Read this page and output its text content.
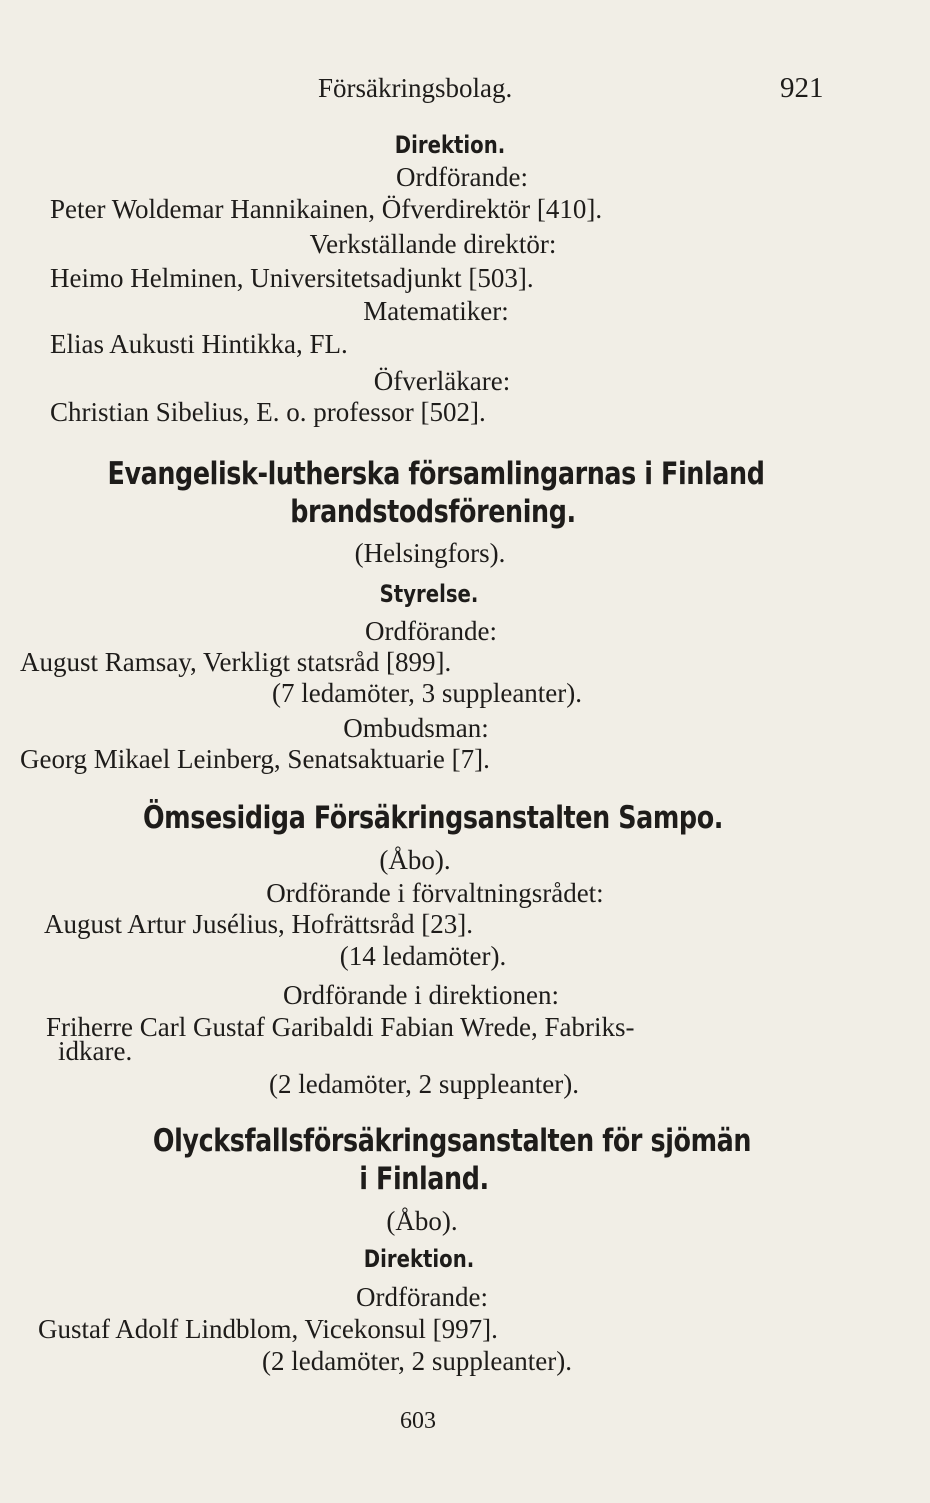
Försäkringsbolag.	921
Direktion.
Ordförande:
Peter Woldemar Hannikainen, Öfverdirektör [410].
Verkställande direktör:
Heimo Helminen, Universitetsadjunkt [503].
Matematiker:
Elias Aukusti Hintikka, FL.
Öfverläkare:
Christian Sibelius, E. o. professor [502].
Evangelisk-lutherska församlingarnas i Finland
brandstodsförening.
(Helsingfors).
Styrelse.
Ordförande:
August Ramsay, Verkligt statsråd [899].
(7 ledamöter, 3 suppleanter).
Ombudsman:
Georg Mikael Leinberg, Senatsaktuarie [7].
Ömsesidiga Försäkringsanstalten Sampo.
(Åbo).
Ordförande i förvaltningsrådet:
August Artur Jusélius, Hofrättsråd [23].
(14 ledamöter).
Ordförande i direktionen:
Friherre Carl Gustaf Garibaldi Fabian Wrede, Fabriks-
idkare.
(2 ledamöter, 2 suppleanter).
Olycksfallsförsäkringsanstalten för sjömän
i Finland.
(Åbo).
Direktion.
Ordförande:
Gustaf Adolf Lindblom, Vicekonsul [997].
(2 ledamöter, 2 suppleanter).
603
